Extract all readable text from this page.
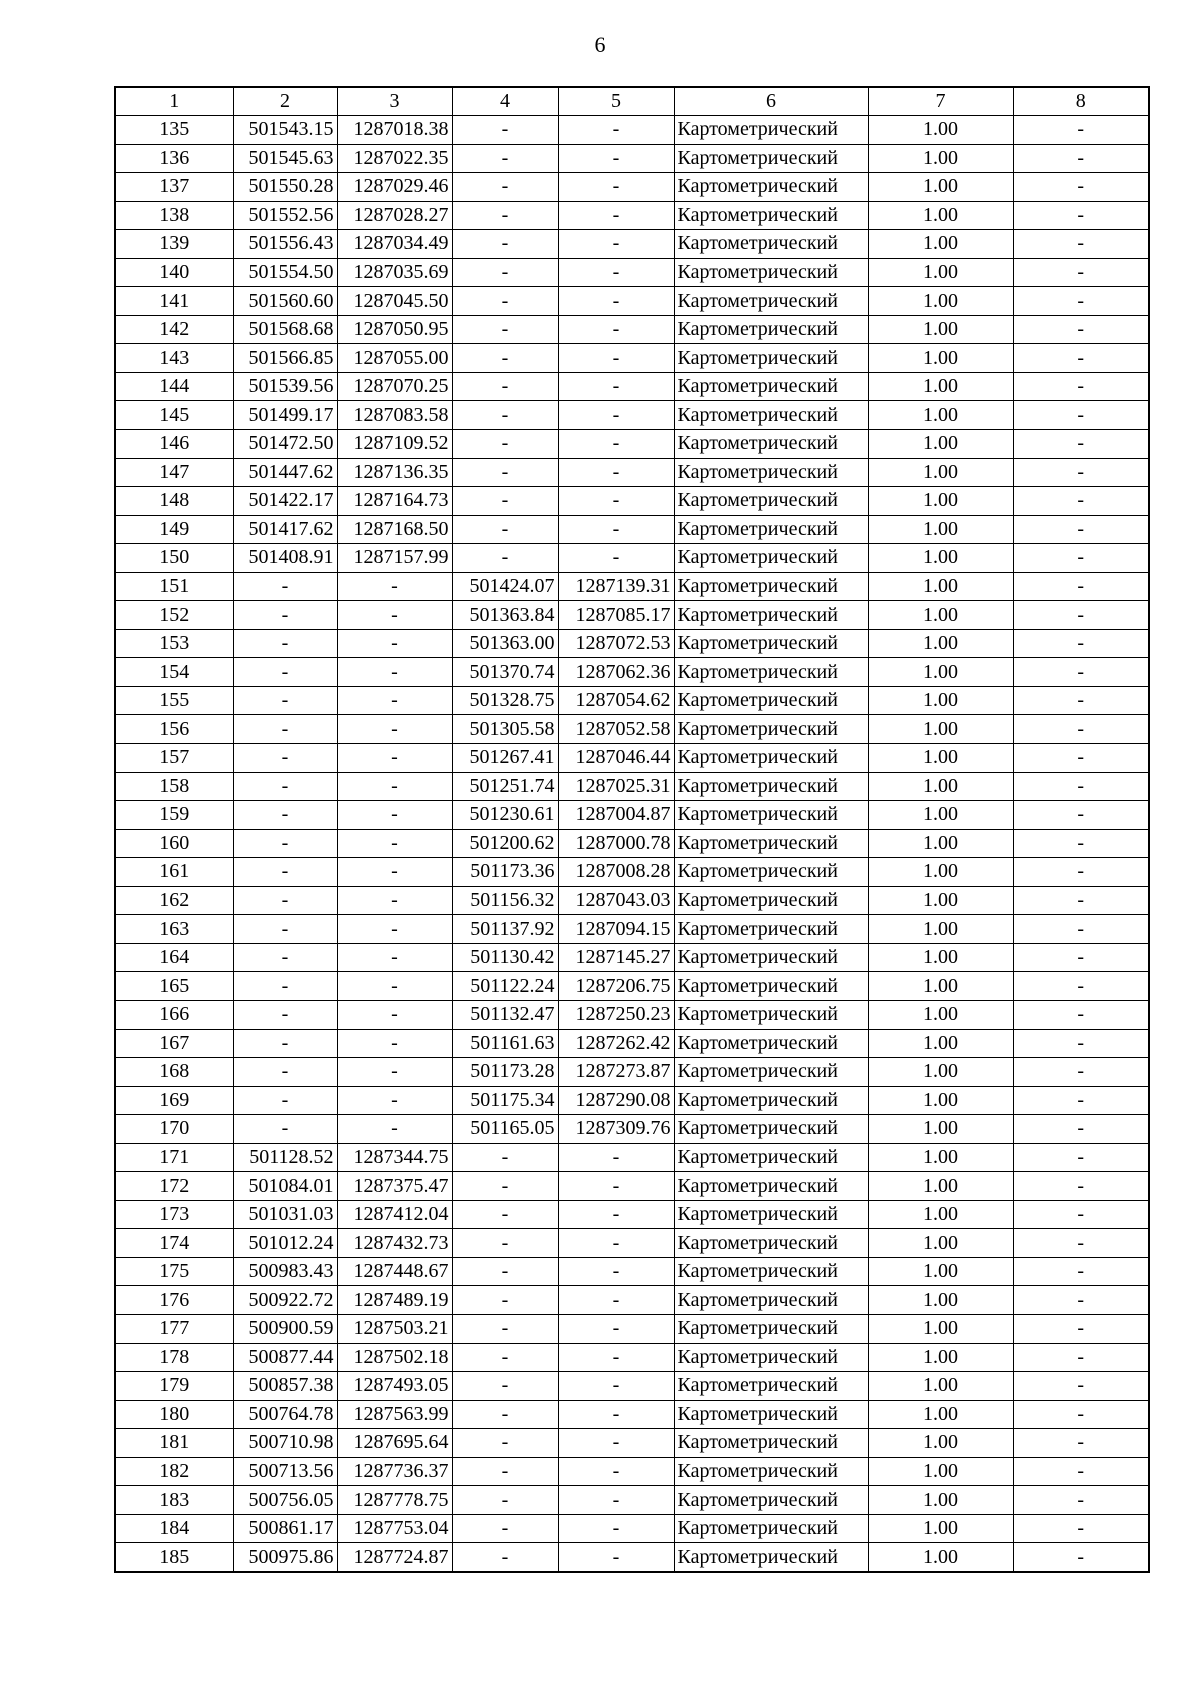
6
1	2	3	4	5	6	7	8
135	501543.15	1287018.38	-	-	Картометрический	1.00	-
136	501545.63	1287022.35	-	-	Картометрический	1.00	-
137	501550.28	1287029.46	-	-	Картометрический	1.00	-
138	501552.56	1287028.27	-	-	Картометрический	1.00	-
139	501556.43	1287034.49	-	-	Картометрический	1.00	-
140	501554.50	1287035.69	-	-	Картометрический	1.00	-
141	501560.60	1287045.50	-	-	Картометрический	1.00	-
142	501568.68	1287050.95	-	-	Картометрический	1.00	-
143	501566.85	1287055.00	-	-	Картометрический	1.00	-
144	501539.56	1287070.25	-	-	Картометрический	1.00	-
145	501499.17	1287083.58	-	-	Картометрический	1.00	-
146	501472.50	1287109.52	-	-	Картометрический	1.00	-
147	501447.62	1287136.35	-	-	Картометрический	1.00	-
148	501422.17	1287164.73	-	-	Картометрический	1.00	-
149	501417.62	1287168.50	-	-	Картометрический	1.00	-
150	501408.91	1287157.99	-	-	Картометрический	1.00	-
151	-	-	501424.07	1287139.31	Картометрический	1.00	-
152	-	-	501363.84	1287085.17	Картометрический	1.00	-
153	-	-	501363.00	1287072.53	Картометрический	1.00	-
154	-	-	501370.74	1287062.36	Картометрический	1.00	-
155	-	-	501328.75	1287054.62	Картометрический	1.00	-
156	-	-	501305.58	1287052.58	Картометрический	1.00	-
157	-	-	501267.41	1287046.44	Картометрический	1.00	-
158	-	-	501251.74	1287025.31	Картометрический	1.00	-
159	-	-	501230.61	1287004.87	Картометрический	1.00	-
160	-	-	501200.62	1287000.78	Картометрический	1.00	-
161	-	-	501173.36	1287008.28	Картометрический	1.00	-
162	-	-	501156.32	1287043.03	Картометрический	1.00	-
163	-	-	501137.92	1287094.15	Картометрический	1.00	-
164	-	-	501130.42	1287145.27	Картометрический	1.00	-
165	-	-	501122.24	1287206.75	Картометрический	1.00	-
166	-	-	501132.47	1287250.23	Картометрический	1.00	-
167	-	-	501161.63	1287262.42	Картометрический	1.00	-
168	-	-	501173.28	1287273.87	Картометрический	1.00	-
169	-	-	501175.34	1287290.08	Картометрический	1.00	-
170	-	-	501165.05	1287309.76	Картометрический	1.00	-
171	501128.52	1287344.75	-	-	Картометрический	1.00	-
172	501084.01	1287375.47	-	-	Картометрический	1.00	-
173	501031.03	1287412.04	-	-	Картометрический	1.00	-
174	501012.24	1287432.73	-	-	Картометрический	1.00	-
175	500983.43	1287448.67	-	-	Картометрический	1.00	-
176	500922.72	1287489.19	-	-	Картометрический	1.00	-
177	500900.59	1287503.21	-	-	Картометрический	1.00	-
178	500877.44	1287502.18	-	-	Картометрический	1.00	-
179	500857.38	1287493.05	-	-	Картометрический	1.00	-
180	500764.78	1287563.99	-	-	Картометрический	1.00	-
181	500710.98	1287695.64	-	-	Картометрический	1.00	-
182	500713.56	1287736.37	-	-	Картометрический	1.00	-
183	500756.05	1287778.75	-	-	Картометрический	1.00	-
184	500861.17	1287753.04	-	-	Картометрический	1.00	-
185	500975.86	1287724.87	-	-	Картометрический	1.00	-
